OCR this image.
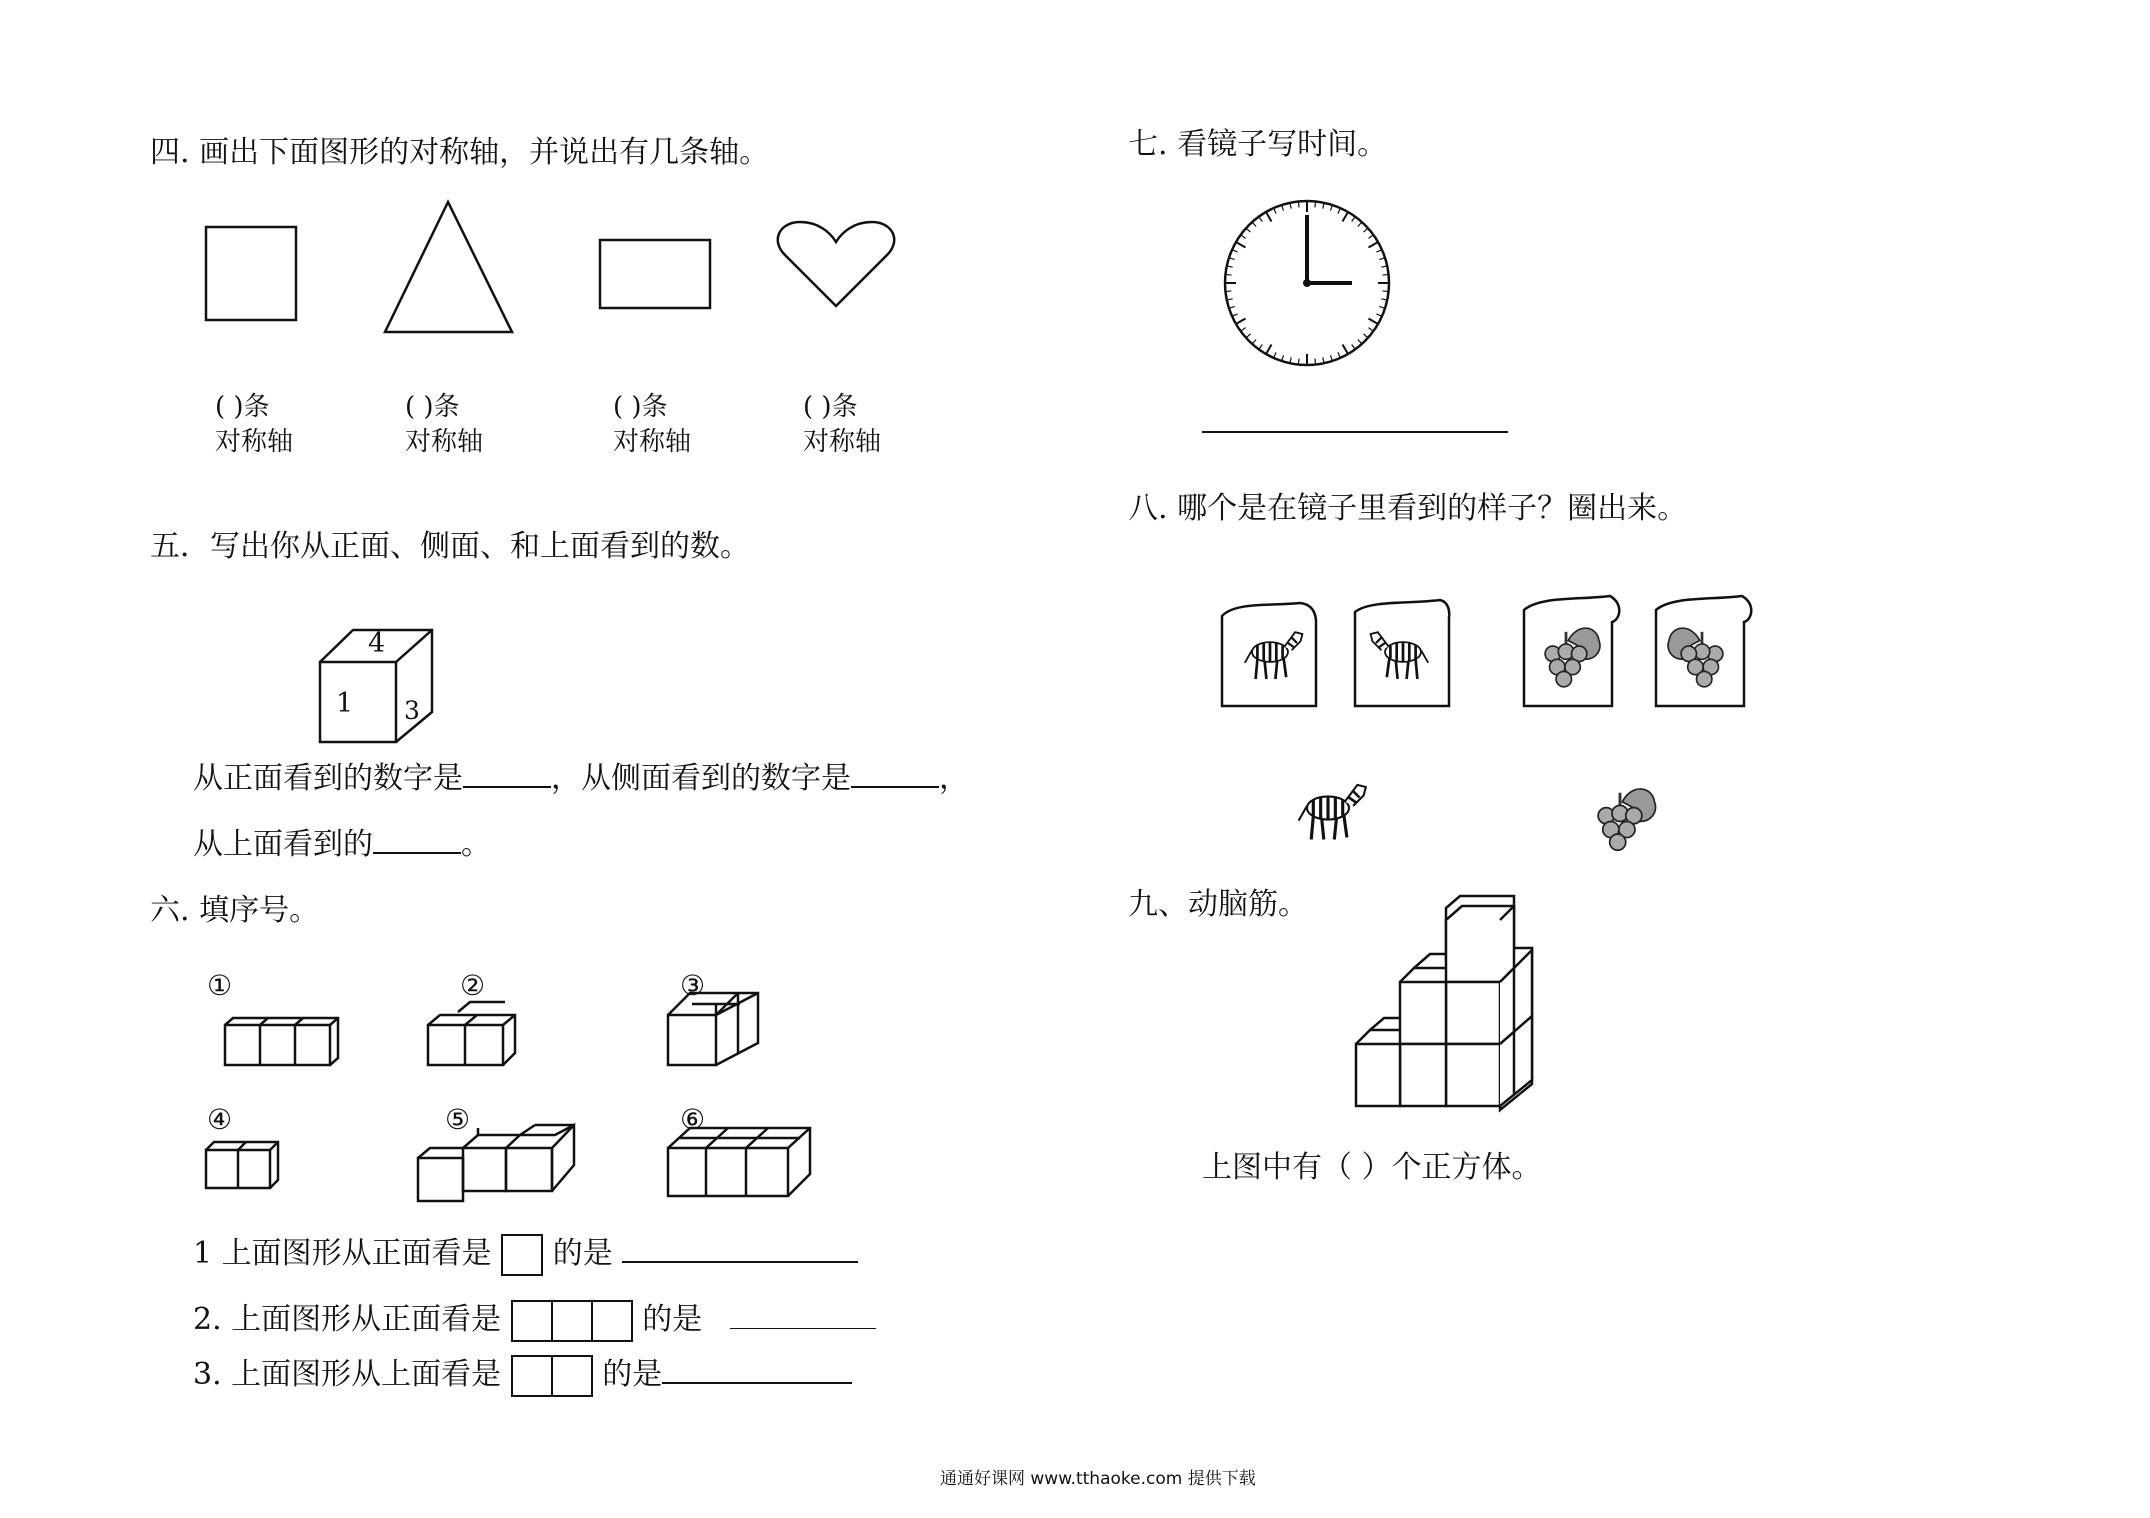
四. 画出下面图形的对称轴，并说出有几条轴。
( )条
对称轴
( )条
对称轴
( )条
对称轴
( )条
对称轴
五．写出你从正面、侧面、和上面看到的数。
4
1 3
从正面看到的数字是	，从侧面看到的数字是	，
从上面看到的	。
六. 填序号。
①	②	③
④	⑤	⑥
1 上面图形从正面看是 的是
2. 上面图形从正面看是	的是
3. 上面图形从上面看是	的是
七. 看镜子写时间。
八. 哪个是在镜子里看到的样子？圈出来。
九、动脑筋。
上图中有（ ）个正方体。
通通好课网 www.tthaoke.com 提供下载
